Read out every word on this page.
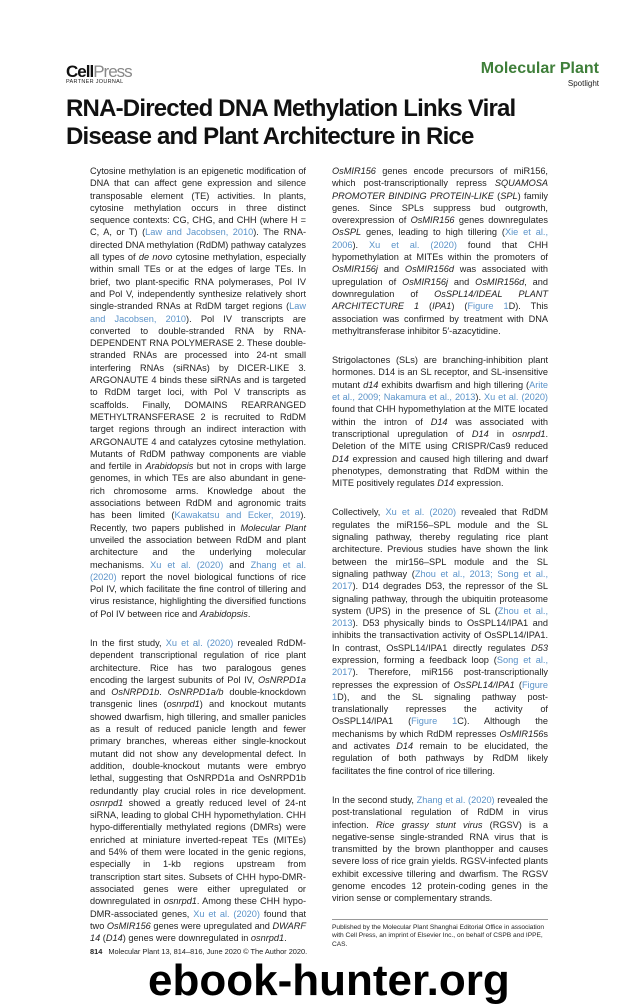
CellPress
PARTNER JOURNAL
Molecular Plant
Spotlight
RNA-Directed DNA Methylation Links Viral Disease and Plant Architecture in Rice

Cytosine methylation is an epigenetic modification of DNA that can affect gene expression and silence transposable element (TE) activities. In plants, cytosine methylation occurs in three distinct sequence contexts: CG, CHG, and CHH (where H = C, A, or T) (Law and Jacobsen, 2010). The RNA-directed DNA methylation (RdDM) pathway catalyzes all types of de novo cytosine methylation, especially within small TEs or at the edges of large TEs. In brief, two plant-specific RNA polymerases, Pol IV and Pol V, independently synthesize relatively short single-stranded RNAs at RdDM target regions (Law and Jacobsen, 2010). Pol IV transcripts are converted to double-stranded RNA by RNA-DEPENDENT RNA POLYMERASE 2. These double-stranded RNAs are processed into 24-nt small interfering RNAs (siRNAs) by DICER-LIKE 3. ARGONAUTE 4 binds these siRNAs and is targeted to RdDM target loci, with Pol V transcripts as scaffolds. Finally, DOMAINS REARRANGED METHYLTRANSFERASE 2 is recruited to RdDM target regions through an indirect interaction with ARGONAUTE 4 and catalyzes cytosine methylation. Mutants of RdDM pathway components are viable and fertile in Arabidopsis but not in crops with large genomes, in which TEs are also abundant in gene-rich chromosome arms. Knowledge about the associations between RdDM and agronomic traits has been limited (Kawakatsu and Ecker, 2019). Recently, two papers published in Molecular Plant unveiled the association between RdDM and plant architecture and the underlying molecular mechanisms. Xu et al. (2020) and Zhang et al. (2020) report the novel biological functions of rice Pol IV, which facilitate the fine control of tillering and virus resistance, highlighting the diversified functions of Pol IV between rice and Arabidopsis.

In the first study, Xu et al. (2020) revealed RdDM-dependent transcriptional regulation of rice plant architecture. Rice has two paralogous genes encoding the largest subunits of Pol IV, OsNRPD1a and OsNRPD1b. OsNRPD1a/b double-knockdown transgenic lines (osnrpd1) and knockout mutants showed dwarfism, high tillering, and smaller panicles as a result of reduced panicle length and fewer primary branches, whereas either single-knockout mutant did not show any developmental defect. In addition, double-knockout mutants were embryo lethal, suggesting that OsNRPD1a and OsNRPD1b redundantly play crucial roles in rice development. osnrpd1 showed a greatly reduced level of 24-nt siRNA, leading to global CHH hypomethylation. CHH hypo-differentially methylated regions (DMRs) were enriched at miniature inverted-repeat TEs (MITEs) and 54% of them were located in the genic regions, especially in 1-kb regions upstream from transcription start sites. Subsets of CHH hypo-DMR-associated genes were either upregulated or downregulated in osnrpd1. Among these CHH hypo-DMR-associated genes, Xu et al. (2020) found that two OsMIR156 genes were upregulated and DWARF 14 (D14) genes were downregulated in osnrpd1.

814 Molecular Plant 13, 814–816, June 2020 © The Author 2020.
ebook-hunter.org

OsMIR156 genes encode precursors of miR156, which post-transcriptionally repress SQUAMOSA PROMOTER BINDING PROTEIN-LIKE (SPL) family genes. Since SPLs suppress bud outgrowth, overexpression of OsMIR156 genes downregulates OsSPL genes, leading to high tillering (Xie et al., 2006). Xu et al. (2020) found that CHH hypomethylation at MITEs within the promoters of OsMIR156j and OsMIR156d was associated with upregulation of OsMIR156j and OsMIR156d, and downregulation of OsSPL14/IDEAL PLANT ARCHITECTURE 1 (IPA1) (Figure 1D). This association was confirmed by treatment with DNA methyltransferase inhibitor 5′-azacytidine.

Strigolactones (SLs) are branching-inhibition plant hormones. D14 is an SL receptor, and SL-insensitive mutant d14 exhibits dwarfism and high tillering (Arite et al., 2009; Nakamura et al., 2013). Xu et al. (2020) found that CHH hypomethylation at the MITE located within the intron of D14 was associated with transcriptional upregulation of D14 in osnrpd1. Deletion of the MITE using CRISPR/Cas9 reduced D14 expression and caused high tillering and dwarf phenotypes, demonstrating that RdDM within the MITE positively regulates D14 expression.

Collectively, Xu et al. (2020) revealed that RdDM regulates the miR156–SPL module and the SL signaling pathway, thereby regulating rice plant architecture. Previous studies have shown the link between the mir156–SPL module and the SL signaling pathway (Zhou et al., 2013; Song et al., 2017). D14 degrades D53, the repressor of the SL signaling pathway, through the ubiquitin proteasome system (UPS) in the presence of SL (Zhou et al., 2013). D53 physically binds to OsSPL14/IPA1 and inhibits the transactivation activity of OsSPL14/IPA1. In contrast, OsSPL14/IPA1 directly regulates D53 expression, forming a feedback loop (Song et al., 2017). Therefore, miR156 post-transcriptionally represses the expression of OsSPL14/IPA1 (Figure 1D), and the SL signaling pathway post-translationally represses the activity of OsSPL14/IPA1 (Figure 1C). Although the mechanisms by which RdDM represses OsMIR156s and activates D14 remain to be elucidated, the regulation of both pathways by RdDM likely facilitates the fine control of rice tillering.

In the second study, Zhang et al. (2020) revealed the post-translational regulation of RdDM in virus infection. Rice grassy stunt virus (RGSV) is a negative-sense single-stranded RNA virus that is transmitted by the brown planthopper and causes severe loss of rice grain yields. RGSV-infected plants exhibit excessive tillering and dwarfism. The RGSV genome encodes 12 protein-coding genes in the virion sense or complementary strands.

Published by the Molecular Plant Shanghai Editorial Office in association with Cell Press, an imprint of Elsevier Inc., on behalf of CSPB and IPPE, CAS.
